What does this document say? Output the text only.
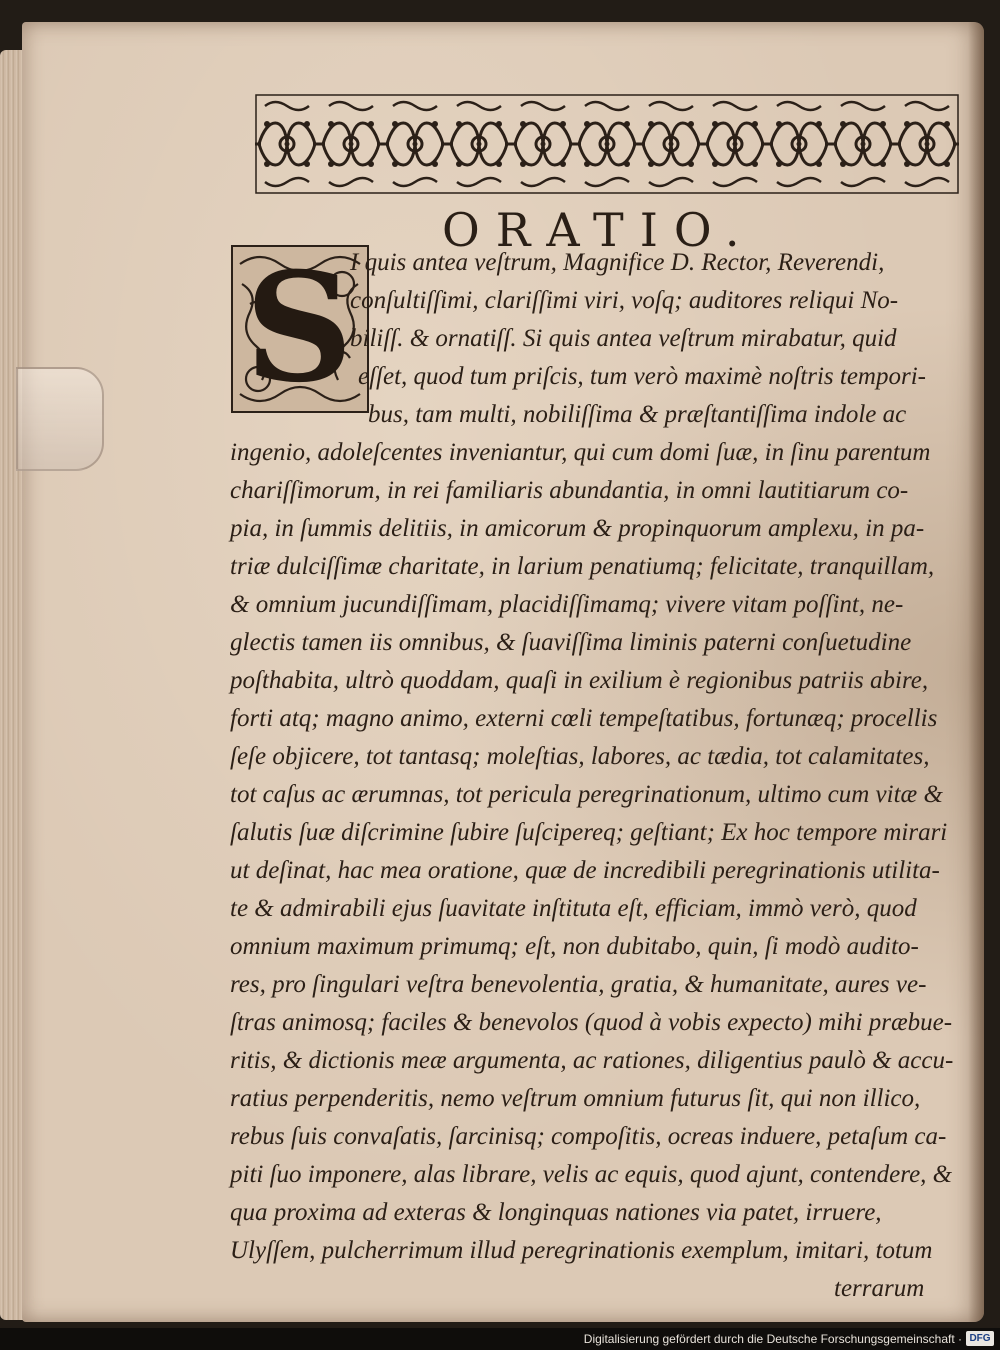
ORATIO.

S

I quis antea veſtrum, Magnifice D. Rector, Reverendi,

conſultiſſimi, clariſſimi viri, voſq; auditores reliqui No-

biliſſ. & ornatiſſ. Si quis antea veſtrum mirabatur, quid

eſſet, quod tum priſcis, tum verò maximè noſtris tempori-

bus, tam multi, nobiliſſima & præſtantiſſima indole ac

ingenio, adoleſcentes inveniantur, qui cum domi ſuæ, in ſinu parentum

chariſſimorum, in rei familiaris abundantia, in omni lautitiarum co-

pia, in ſummis delitiis, in amicorum & propinquorum amplexu, in pa-

triæ dulciſſimæ charitate, in larium penatiumq; felicitate, tranquillam,

& omnium jucundiſſimam, placidiſſimamq; vivere vitam poſſint, ne-

glectis tamen iis omnibus, & ſuaviſſima liminis paterni conſuetudine

poſthabita, ultrò quoddam, quaſi in exilium è regionibus patriis abire,

forti atq; magno animo, externi cœli tempeſtatibus, fortunæq; procellis

ſeſe objicere, tot tantasq; moleſtias, labores, ac tædia, tot calamitates,

tot caſus ac ærumnas, tot pericula peregrinationum, ultimo cum vitæ &

ſalutis ſuæ diſcrimine ſubire ſuſcipereq; geſtiant; Ex hoc tempore mirari

ut deſinat, hac mea oratione, quæ de incredibili peregrinationis utilita-

te & admirabili ejus ſuavitate inſtituta eſt, efficiam, immò verò, quod

omnium maximum primumq; eſt, non dubitabo, quin, ſi modò audito-

res, pro ſingulari veſtra benevolentia, gratia, & humanitate, aures ve-

ſtras animosq; faciles & benevolos (quod à vobis expecto) mihi præbue-

ritis, & dictionis meæ argumenta, ac rationes, diligentius paulò & accu-

ratius perpenderitis, nemo veſtrum omnium futurus ſit, qui non illico,

rebus ſuis convaſatis, ſarcinisq; compoſitis, ocreas induere, petaſum ca-

piti ſuo imponere, alas librare, velis ac equis, quod ajunt, contendere, &

qua proxima ad exteras & longinquas nationes via patet, irruere,

Ulyſſem, pulcherrimum illud peregrinationis exemplum, imitari, totum

terrarum

Digitalisierung gefördert durch die Deutsche Forschungsgemeinschaft · DFG
